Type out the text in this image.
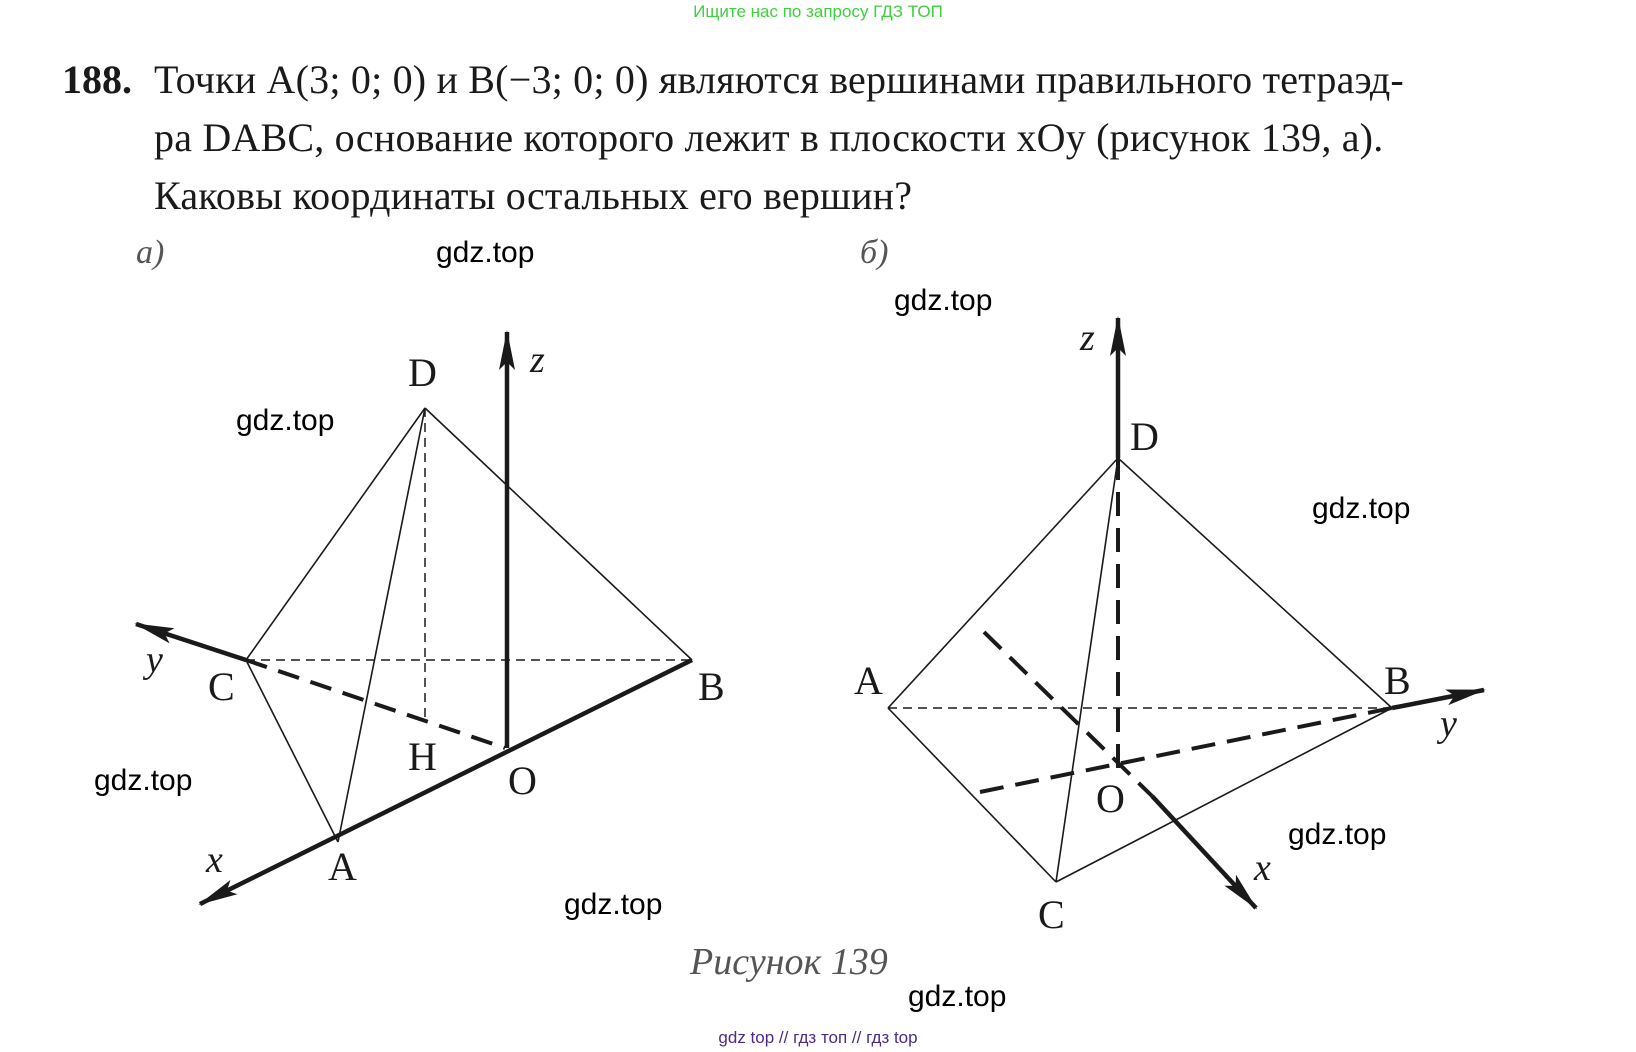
Ищите нас по запросу ГДЗ ТОП
188. Точки A(3; 0; 0) и B(−3; 0; 0) являются вершинами правильного тетраэд-
ра DABC, основание которого лежит в плоскости xOy (рисунок 139, а).
Каковы координаты остальных его вершин?
а)	б)
D
C	B
H
O
A
z
y
x
D
A	B
O
C
z
y
x
Рисунок 139
gdz.top
gdz.top
gdz.top
gdz.top
gdz.top
gdz.top
gdz.top
gdz.top
gdz top // гдз топ // гдз top
